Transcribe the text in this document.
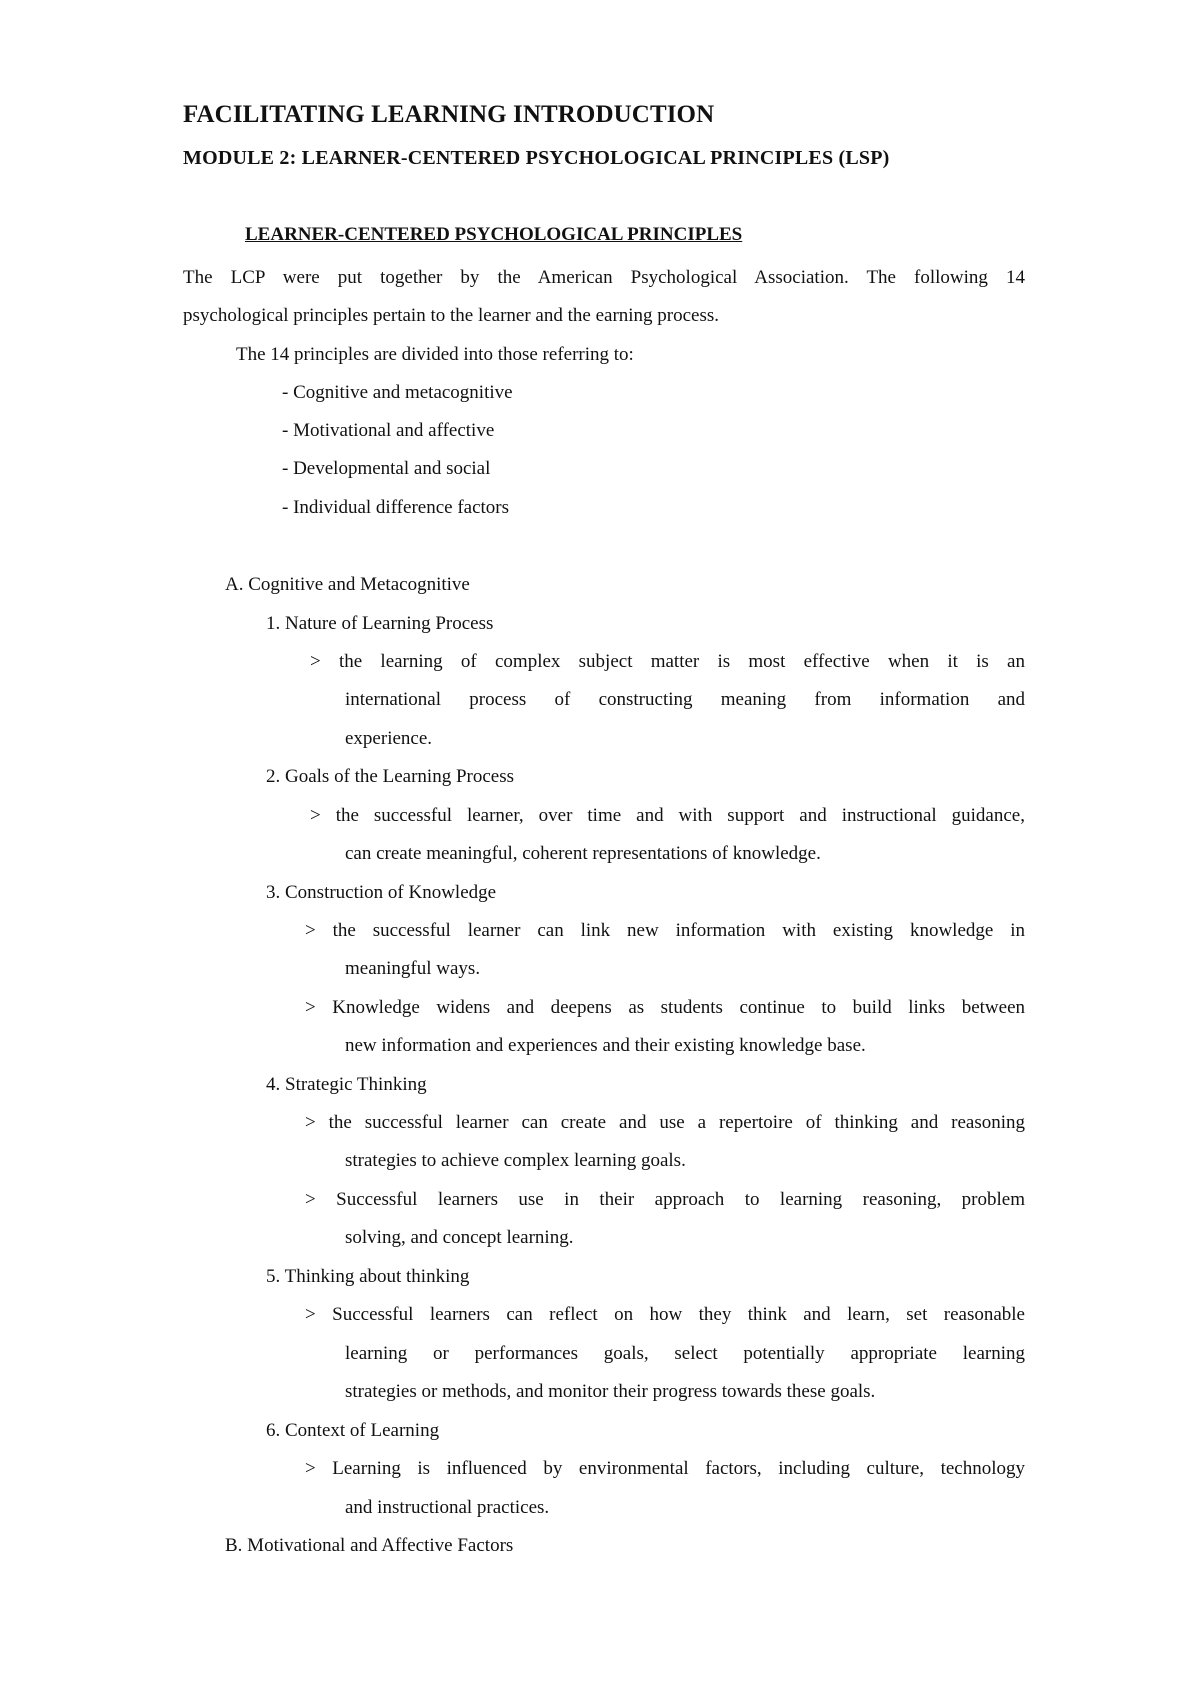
FACILITATING LEARNING INTRODUCTION
MODULE 2: LEARNER-CENTERED PSYCHOLOGICAL PRINCIPLES (LSP)
LEARNER-CENTERED PSYCHOLOGICAL PRINCIPLES
The LCP were put together by the American Psychological Association. The following 14
psychological principles pertain to the learner and the earning process.
The 14 principles are divided into those referring to:
- Cognitive and metacognitive
- Motivational and affective
- Developmental and social
- Individual difference factors
A. Cognitive and Metacognitive
1. Nature of Learning Process
> the learning of complex subject matter is most effective when it is an
international process of constructing meaning from information and
experience.
2. Goals of the Learning Process
> the successful learner, over time and with support and instructional guidance,
can create meaningful, coherent representations of knowledge.
3. Construction of Knowledge
> the successful learner can link new information with existing knowledge in
meaningful ways.
> Knowledge widens and deepens as students continue to build links between
new information and experiences and their existing knowledge base.
4. Strategic Thinking
> the successful learner can create and use a repertoire of thinking and reasoning
strategies to achieve complex learning goals.
> Successful learners use in their approach to learning reasoning, problem
solving, and concept learning.
5. Thinking about thinking
> Successful learners can reflect on how they think and learn, set reasonable
learning or performances goals, select potentially appropriate learning
strategies or methods, and monitor their progress towards these goals.
6. Context of Learning
> Learning is influenced by environmental factors, including culture, technology
and instructional practices.
B. Motivational and Affective Factors
